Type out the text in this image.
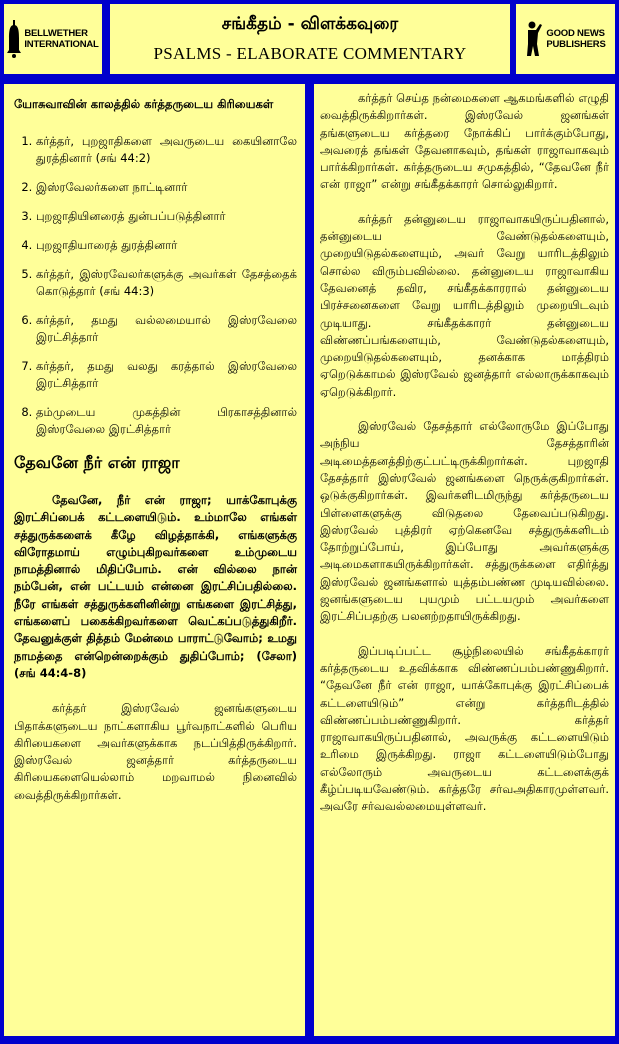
BELLWETHER
INTERNATIONAL
சங்கீதம் - விளக்கவுரை
PSALMS - ELABORATE COMMENTARY
GOOD NEWS
PUBLISHERS

யோசுவாவின் காலத்தில் கர்த்தருடைய கிரியைகள்

1. கர்த்தர், புறஜாதிகளை அவருடைய கையினாலே துரத்தினார் (சங் 44:2)
2. இஸ்ரவேலர்களை நாட்டினார்
3. புறஜாதியினரைத் துன்பப்படுத்தினார்
4. புறஜாதியாரைத் துரத்தினார்
5. கர்த்தர், இஸ்ரவேலர்களுக்கு அவர்கள் தேசத்தைக் கொடுத்தார் (சங் 44:3)
6. கர்த்தர், தமது வல்லமையால் இஸ்ரவேலை இரட்சித்தார்
7. கர்த்தர், தமது வலது கரத்தால் இஸ்ரவேலை இரட்சித்தார்
8. தம்முடைய முகத்தின் பிரகாசத்தினால் இஸ்ரவேலை இரட்சித்தார்

தேவனே நீர் என் ராஜா

தேவனே, நீர் என் ராஜா; யாக்கோபுக்கு இரட்சிப்பைக் கட்டளையிடும். உம்மாலே எங்கள் சத்துருக்களைக் கீழே விழத்தாக்கி, எங்களுக்கு விரோதமாய் எழும்புகிறவர்களை உம்முடைய நாமத்தினால் மிதிப்போம். என் வில்லை நான் நம்பேன், என் பட்டயம் என்னை இரட்சிப்பதில்லை. நீரே எங்கள் சத்துருக்களினின்று எங்களை இரட்சித்து, எங்களைப் பகைக்கிறவர்களை வெட்கப்படுத்துகிறீர். தேவனுக்குள் தித்தம் மேன்மை பாராட்டுவோம்; உமது நாமத்தை என்றென்றைக்கும் துதிப்போம்; (சேலா) (சங் 44:4-8)

கர்த்தர் இஸ்ரவேல் ஜனங்களுடைய பிதாக்களுடைய நாட்களாகிய பூர்வநாட்களில் பெரிய கிரியைகளை அவர்களுக்காக நடப்பித்திருக்கிறார். இஸ்ரவேல் ஜனத்தார் கர்த்தருடைய கிரியைகளையெல்லாம் மறவாமல் நினைவில் வைத்திருக்கிறார்கள்.

கர்த்தர் செய்த நன்மைகளை ஆகமங்களில் எழுதி வைத்திருக்கிறார்கள். இஸ்ரவேல் ஜனங்கள் தங்களுடைய கர்த்தரை நோக்கிப் பார்க்கும்போது, அவரைத் தங்கள் தேவனாகவும், தங்கள் ராஜாவாகவும் பார்க்கிறார்கள். கர்த்தருடைய சமுகத்தில், “தேவனே நீர் என் ராஜா” என்று சங்கீதக்காரர் சொல்லுகிறார்.

கர்த்தர் தன்னுடைய ராஜாவாகயிருப்பதினால், தன்னுடைய வேண்டுதல்களையும், முறையிடுதல்களையும், அவர் வேறு யாரிடத்திலும் சொல்ல விரும்பவில்லை. தன்னுடைய ராஜாவாகிய தேவனைத் தவிர, சங்கீதக்காரரால் தன்னுடைய பிரச்சனைகளை வேறு யாரிடத்திலும் முறையிடவும் முடியாது. சங்கீதக்காரர் தன்னுடைய விண்ணப்பங்களையும், வேண்டுதல்களையும், முறையிடுதல்களையும், தனக்காக மாத்திரம் ஏறெடுக்காமல் இஸ்ரவேல் ஜனத்தார் எல்லாருக்காகவும் ஏறெடுக்கிறார்.

இஸ்ரவேல் தேசத்தார் எல்லோருமே இப்போது அந்நிய தேசத்தாரின் அடிமைத்தனத்திற்குட்பட்டிருக்கிறார்கள். புறஜாதி தேசத்தார் இஸ்ரவேல் ஜனங்களை நெருக்குகிறார்கள். ஒடுக்குகிறார்கள். இவர்களிடமிருந்து கர்த்தருடைய பிள்ளைகளுக்கு விடுதலை தேவைப்படுகிறது. இஸ்ரவேல் புத்திரர் ஏற்கெனவே சத்துருக்களிடம் தோற்றுப்போய், இப்போது அவர்களுக்கு அடிமைகளாகயிருக்கிறார்கள். சத்துருக்களை எதிர்த்து இஸ்ரவேல் ஜனங்களால் யுத்தம்பண்ண முடியவில்லை. ஜனங்களுடைய புயமும் பட்டயமும் அவர்களை இரட்சிப்பதற்கு பலனற்றதாயிருக்கிறது.

இப்படிப்பட்ட சூழ்நிலையில் சங்கீதக்காரர் கர்த்தருடைய உதவிக்காக விண்ணப்பம்பண்ணுகிறார். “தேவனே நீர் என் ராஜா, யாக்கோபுக்கு இரட்சிப்பைக் கட்டளையிடும்” என்று கர்த்தரிடத்தில் விண்ணப்பம்பண்ணுகிறார். கர்த்தர் ராஜாவாகயிருப்பதினால், அவருக்கு கட்டளையிடும் உரிமை இருக்கிறது. ராஜா கட்டளையிடும்போது எல்லோரும் அவருடைய கட்டளைக்குக் கீழ்ப்படியவேண்டும். கர்த்தரே சர்வஅதிகாரமுள்ளவர். அவரே சர்வவல்லமையுள்ளவர்.
